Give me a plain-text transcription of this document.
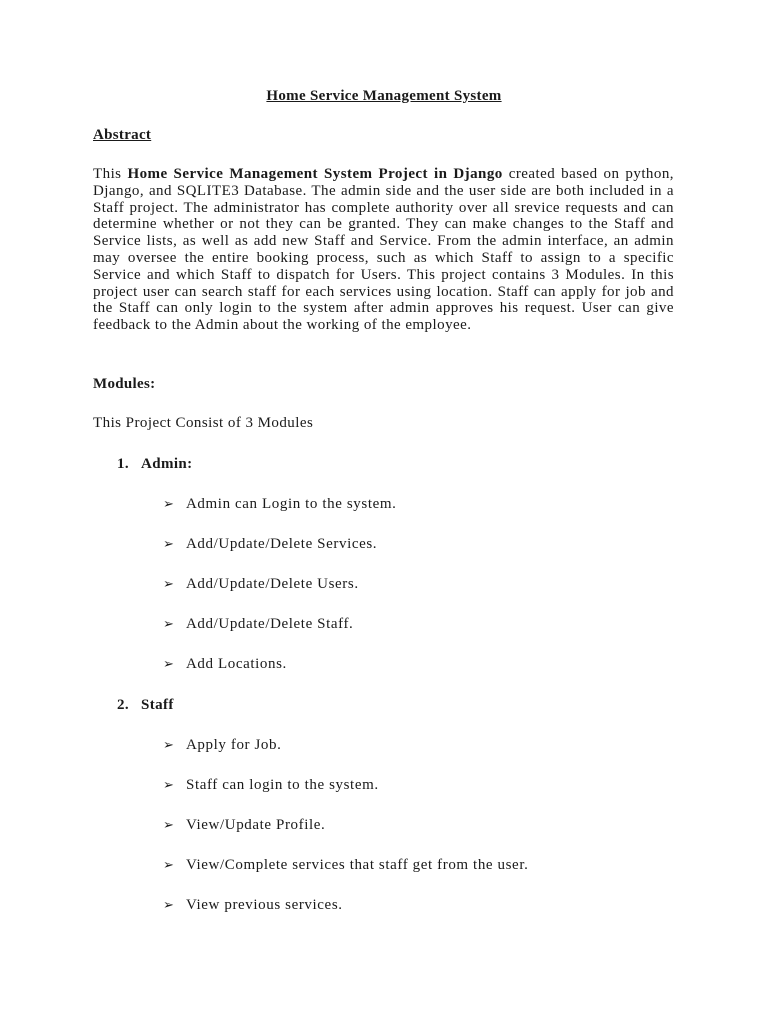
Home Service Management System
Abstract
This Home Service Management System Project in Django created based on python, Django, and SQLITE3 Database. The admin side and the user side are both included in a Staff project. The administrator has complete authority over all srevice requests and can determine whether or not they can be granted. They can make changes to the Staff and Service lists, as well as add new Staff and Service. From the admin interface, an admin may oversee the entire booking process, such as which Staff to assign to a specific Service and which Staff to dispatch for Users. This project contains 3 Modules. In this project user can search staff for each services using location. Staff can apply for job and the Staff can only login to the system after admin approves his request. User can give feedback to the Admin about the working of the employee.
Modules:
This Project Consist of 3 Modules
1. Admin:
➢ Admin can Login to the system.
➢ Add/Update/Delete Services.
➢ Add/Update/Delete Users.
➢ Add/Update/Delete Staff.
➢ Add Locations.
2. Staff
➢ Apply for Job.
➢ Staff can login to the system.
➢ View/Update Profile.
➢ View/Complete services that staff get from the user.
➢ View previous services.
